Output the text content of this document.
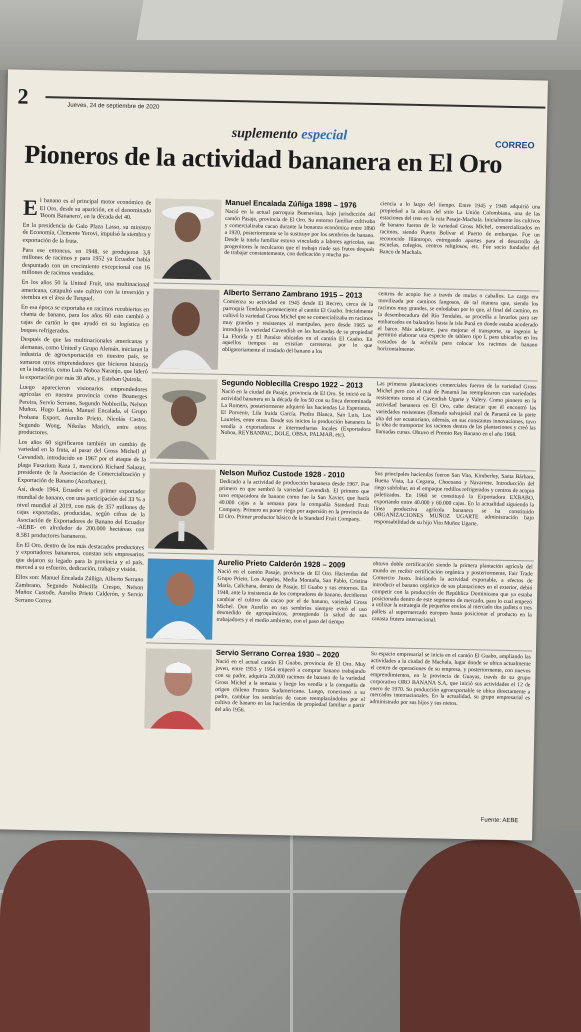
2	Jueves, 24 de septiembre de 2020
suplemento especial
CORREO
Pioneros de la actividad bananera en El Oro
E l banano es el principal motor económico de El Oro, desde su aparición, en el denominado 'Boom Bananero', en la década del 40.

En la presidencia de Galo Plaza Lasso, su ministro de Economía, Clemente Yerovi, impulsó la siembra y exportación de la fruta.

Para ese entonces, en 1948, se produjeron 3,8 millones de racimos y para 1952 ya Ecuador había despuntado con un crecimiento excepcional con 16 millones de racimos vendidos.

En los años 50 la United Fruit, una multinacional americana, catapultó este cultivo con la inversión y siembra en el área de Tenguel.

En esa época se exportaba en racimos recubiertos en chanta de banano, para los años 60 esto cambió a cajas de cartón lo que ayudó en su logística en buques refrigerados.

Después de que las multinacionales americanas y alemanas, como United y Grupo Alemán, iniciaran la industria de agroexportación en nuestro país, se sumaron otros emprendedores que hicieron historia en la industria, como Luis Noboa Naranjo, que lideró la exportación por más 30 años, y Esteban Quirola.

Luego aparecieron visionarios emprendedores agrícolas en nuestra provincia como Boanerges Pereira, Servio Serrano, Segundo Noblecilla, Nelson Muñoz, Hugo Lamia, Manuel Encalada, el Grupo Probana Export, Aurelio Prieto, Nicolás Castro, Segundo Wong, Nikolas Marich, entre otros productores.

Los años 60 significaron también un cambio de variedad en la fruta, al pasar del Gross Michell al Cavendish, introducido en 1967 por el ataque de la plaga Fusarium Raza 1, mencionó Richard Salazar, presidente de la Asociación de Comercialización y Exportación de Banano (Acorbanec).

Así, desde 1964, Ecuador es el primer exportador mundial de banano, con una participación del 33 % a nivel mundial al 2019, con más de 357 millones de cajas exportadas, producidas, según cifras de la Asociación de Exportadores de Banano del Ecuador -AEBE- en alrededor de 200.000 hectáreas con 8.581 productores bananeros.

En El Oro, dentro de los más destacados productores y exportadores bananeros, constan seis empresarios que dejaron su legado para la provincia y el país, merced a su esfuerzo, dedicación, trabajo y visión.

Ellos son: Manuel Encalada Zúñiga, Alberto Serrano Zambrano, Segundo Noblecilla Crespo, Nelson Muñoz Custode, Aurelio Prieto Calderón, y Servio Serrano Correa

Manuel Encalada Zúñiga 1898 – 1976
Nació en la actual parroquia Buenavista, bajo jurisdicción del cantón Pasaje, provincia de El Oro. Su entorno familiar cultivaba y comercializaba cacao durante la bonanza económica entre 1890 a 1920, posteriormente se lo sustituye por los sembríos de banano. Desde la tutela familiar estuvo vinculado a labores agrícolas, sus progenitores le inculcaron que el trabajo rinde sus frutos después de trabajar constantemente, con dedicación y mucha pa-
ciencia a lo largo del tiempo. Entre 1945 y 1948 adquirió una propiedad a la altura del sitio La Unión Colombiana, una de las estaciones del tren en la ruta Pasaje-Machala. Inicialmente los cultivos de banano fueron de la variedad Gross Michel, comercializados en racimos, siendo Puerto Bolívar el Puerto de embarque. Fue un reconocido filántropo, entregando aportes para el desarrollo de escuelas, colegios, centros religiosos, etc. Fue socio fundador del Banco de Machala.
Alberto Serrano Zambrano 1915 – 2013
Comienza su actividad en 1945 desde El Recreo, cerca de la parroquia Tendales perteneciente al cantón El Guabo. Inicialmente cultivó la variedad Gross Michel que se comercializaba en racimos muy grandes y resistentes al manipuleo, pero desde 1965 se introdujo la variedad Cavendish en las haciendas de su propiedad La Florida y El Paraíso ubicadas en el cantón El Guabo. En aquellos tiempos no existían carreteras por lo que obligatoriamente el traslado del banano a los
centros de acopio fue a través de mulas o caballos. La carga era movilizada por caminos fangosos, de tal manera que, siendo los racimos muy grandes, se enlodaban por lo que, al final del camino, en la desembocadura del Río Tendales, se procedía a lavarlos para ser embarcados en balandras hasta la isla Puná en donde estaba acoderado el barco. Más adelante, para mejorar el transporte, su ingenio le permitió elaborar una especie de tablero tipo L para ubicarlos en los costados de la acémila para colocar los racimos de banano horizontalmente.
Segundo Noblecilla Crespo 1922 – 2013
Nació en la ciudad de Pasaje, provincia de El Oro. Se inició en la actividad bananera en la década de los 50 con su finca denominada La Romero, posteriormente adquirió las haciendas La Esperanza, El Porvenir, Lila Iraida García, Piedra Blanca, San Luis, Los Laureles, entre otras. Desde sus inicios la producción bananera la vendía a exportadoras e intermediarias locales (Exportadora Noboa, REYBANPAC, DOLE, OBSA, PALMAR, etc).
Las primeras plantaciones comerciales fueron de la variedad Gross Michel pero con el mal de Panamá las reemplazaron con variedades resistentes como el Cavendish Ugarte y Valery. Como pionero en la actividad bananera en El Oro, cabe destacar que él encontró las variedades resistentes (llamada salvajeísil mal de Panamá en la parte alta del sur ecuatoriano, además, en sus constantes innovaciones, tuvo la idea de transportar los racimos dentro de las plantaciones y creó las llamadas cunas. Obtuvo el Premio Rey Banano en el año 1968.
Nelson Muñoz Custode 1928 - 2010
Dedicado a la actividad de producción bananera desde 1967. Fue primero en que sembró la variedad Cavendish. El primero que tuvo empacadora de banano como fue la San Xavier, que hacía 40.000 cajas a la semana para la compañía Standard Fruit Company. Primero en poner riego por aspersión en la provincia de El Oro. Primer productor básico de la Standard Fruit Company.
Sus principales haciendas fueron San Vito, Kimberley, Santa Bárbara, Buena Vista, La Cegama, Chocoano y Navarrete. Introducción del riego subfoliar, en el empaque rodillos refrigerados y centros de acopio paletizados. En 1960 se constituyó la Exportadora EXBABO, exportando entre 40.000 y 60.000 cajas. En la actualidad siguiendo la línea productiva agrícola bananera se ha constituido ORGANIZACIONES MUÑOZ UGARTE administración bajo responsabilidad de su hijo Vito Muñoz Ugarte.
Aurelio Prieto Calderón 1928 – 2009
Nació en el cantón Pasaje, provincia de El Oro. Haciendas del Grupo Prieto, Los Angeles, Media Montaña, San Pablo, Cristina María, Calichana, dentro de Pasaje, El Guabo y sus entornos. En 1948, ante la insistencia de los compradores de banano, decidieron cambiar el cultivo de cacao por el de banano, variedad Gross Michel. Don Aurelio en sus sembríos siempre evitó el uso desmedido de agroquímicos, protegiendo la salud de sus trabajadores y el medio ambiente, con el paso del tiempo
obtuvo doble certificación siendo la primera plantación agrícola del mundo en recibir certificación orgánica y posteriormente, Fair Trade Comercio Justo. Iniciando la actividad exportable, a efectos de introducir el banano orgánico de sus plantaciones en el exterior, debió competir con la producción de República Dominicana que ya estaba posicionada dentro de este segmento de mercado, para lo cual empezó a utilizar la estrategia de pequeños envíos al mercado dos pallets o tres pallets al supermercado europeo hasta posicionar el producto en la canasta frutera internacional.
Servio Serrano Correa 1930 – 2020
Nació en el actual cantón El Guabo, provincia de El Oro. Muy joven, entre 1953 y 1954 empezó a comprar banano trabajando con su padre, adquiría 20.000 racimos de banano de la variedad Gross Michel a la semana y luego los vendía a la compañía de origen chileno Frutera Sudamericana. Luego, conexionó a su padre, cambiar los sembríos de cacao reemplazándolos por el cultivo de banano en las haciendas de propiedad familiar a partir del año 1956.
Su espacio empresarial se inicia en el cantón El Guabo, ampliando las actividades a la ciudad de Machala, lugar donde se ubica actualmente el centro de operaciones de su empresa, y posteriormente, con nuevos emprendimientos, en la provincia de Guayas, través de su grupo corporativo ORO BANANA S.A, que inició sus actividades el 12 de enero de 1970. Su producción agroexportable se ubica directamente a mercados internacionales. En la actualidad, su grupo empresarial es administrado por sus hijos y sus nietos.
Fuente: AEBE
